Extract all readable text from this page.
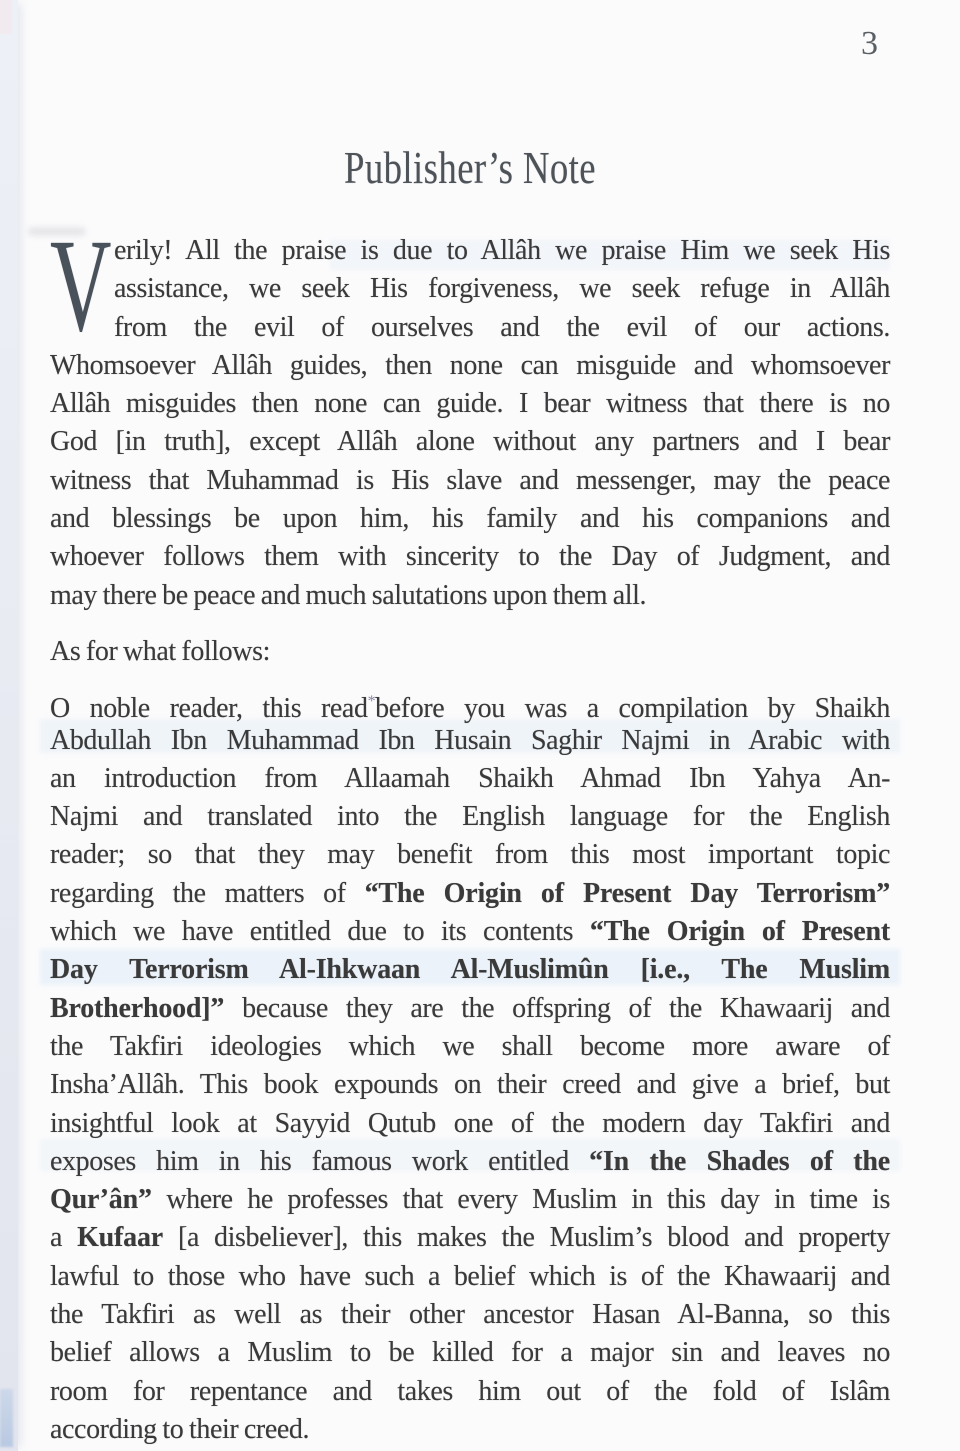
3
Publisher’s Note
V erily! All the praise is due to Allâh we praise Him we seek His
assistance, we seek His forgiveness, we seek refuge in Allâh
from the evil of ourselves and the evil of our actions.
Whomsoever Allâh guides, then none can misguide and whomsoever
Allâh misguides then none can guide. I bear witness that there is no
God [in truth], except Allâh alone without any partners and I bear
witness that Muhammad is His slave and messenger, may the peace
and blessings be upon him, his family and his companions and
whoever follows them with sincerity to the Day of Judgment, and
may there be peace and much salutations upon them all.
As for what follows:
O noble reader, this read*before you was a compilation by Shaikh
Abdullah Ibn Muhammad Ibn Husain Saghir Najmi in Arabic with
an introduction from Allaamah Shaikh Ahmad Ibn Yahya An-
Najmi and translated into the English language for the English
reader; so that they may benefit from this most important topic
regarding the matters of “The Origin of Present Day Terrorism”
which we have entitled due to its contents “The Origin of Present
Day Terrorism Al-Ihkwaan Al-Muslimûn [i.e., The Muslim
Brotherhood]” because they are the offspring of the Khawaarij and
the Takfiri ideologies which we shall become more aware of
Insha’Allâh. This book expounds on their creed and give a brief, but
insightful look at Sayyid Qutub one of the modern day Takfiri and
exposes him in his famous work entitled “In the Shades of the
Qur’ân” where he professes that every Muslim in this day in time is
a Kufaar [a disbeliever], this makes the Muslim’s blood and property
lawful to those who have such a belief which is of the Khawaarij and
the Takfiri as well as their other ancestor Hasan Al-Banna, so this
belief allows a Muslim to be killed for a major sin and leaves no
room for repentance and takes him out of the fold of Islâm
according to their creed.
